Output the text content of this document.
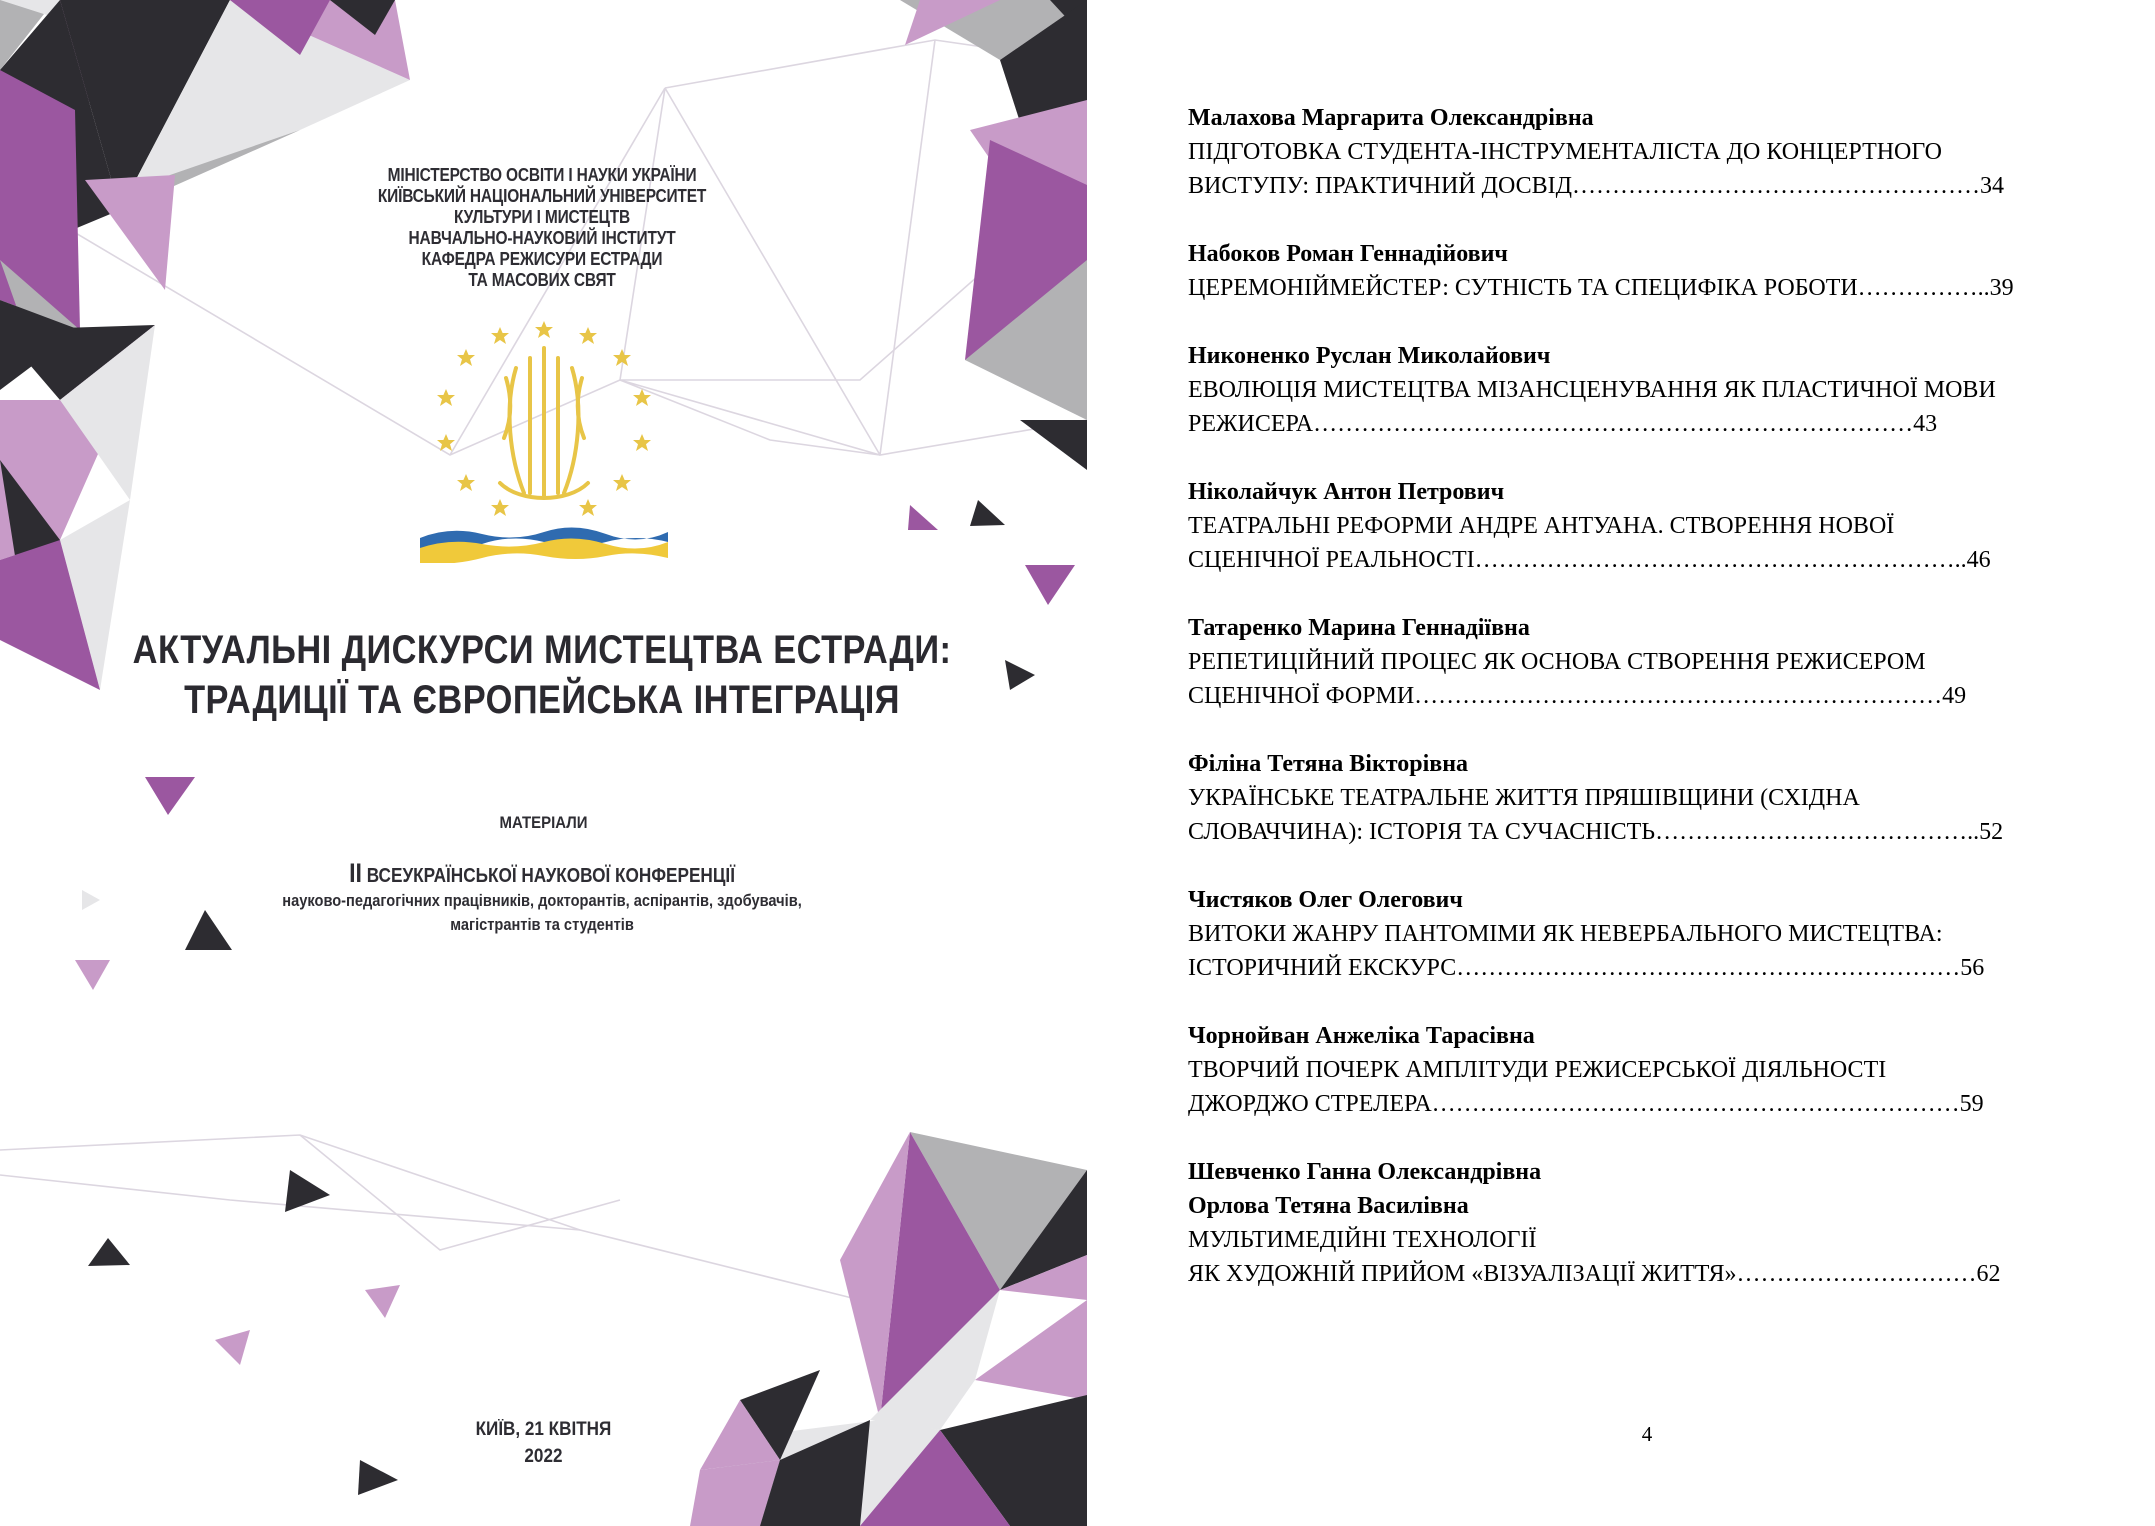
МІНІСТЕРСТВО ОСВІТИ І НАУКИ УКРАЇНИ
КИЇВСЬКИЙ НАЦІОНАЛЬНИЙ УНІВЕРСИТЕТ
КУЛЬТУРИ І МИСТЕЦТВ
НАВЧАЛЬНО-НАУКОВИЙ ІНСТИТУТ
КАФЕДРА РЕЖИСУРИ ЕСТРАДИ
ТА МАСОВИХ СВЯТ
АКТУАЛЬНІ ДИСКУРСИ МИСТЕЦТВА ЕСТРАДИ:
ТРАДИЦІЇ ТА ЄВРОПЕЙСЬКА ІНТЕГРАЦІЯ
МАТЕРІАЛИ
II ВСЕУКРАЇНСЬКОЇ НАУКОВОЇ КОНФЕРЕНЦІЇ
науково-педагогічних працівників, докторантів, аспірантів, здобувачів,
магістрантів та студентів
КИЇВ, 21 КВІТНЯ
2022
Малахова Маргарита Олександрівна
ПІДГОТОВКА СТУДЕНТА-ІНСТРУМЕНТАЛІСТА ДО КОНЦЕРТНОГО
ВИСТУПУ: ПРАКТИЧНИЙ ДОСВІД……………………………………………34
Набоков Роман Геннадійович
ЦЕРЕМОНІЙМЕЙСТЕР: СУТНІСТЬ ТА СПЕЦИФІКА РОБОТИ……………..39
Никоненко Руслан Миколайович
ЕВОЛЮЦІЯ МИСТЕЦТВА МІЗАНСЦЕНУВАННЯ ЯК ПЛАСТИЧНОЇ МОВИ
РЕЖИСЕРА…………………………………………………………………43
Ніколайчук Антон Петрович
ТЕАТРАЛЬНІ РЕФОРМИ АНДРЕ АНТУАНА. СТВОРЕННЯ НОВОЇ
СЦЕНІЧНОЇ РЕАЛЬНОСТІ……………………………………………………..46
Татаренко Марина Геннадіївна
РЕПЕТИЦІЙНИЙ ПРОЦЕС ЯК ОСНОВА СТВОРЕННЯ РЕЖИСЕРОМ
СЦЕНІЧНОЇ ФОРМИ…………………………………………………………49
Філіна Тетяна Вікторівна
УКРАЇНСЬКЕ ТЕАТРАЛЬНЕ ЖИТТЯ ПРЯШІВЩИНИ (СХІДНА
СЛОВАЧЧИНА): ІСТОРІЯ ТА СУЧАСНІСТЬ…………………………………..52
Чистяков Олег Олегович
ВИТОКИ ЖАНРУ ПАНТОМІМИ ЯК НЕВЕРБАЛЬНОГО МИСТЕЦТВА:
ІСТОРИЧНИЙ ЕКСКУРС………………………………………………………56
Чорнойван Анжеліка Тарасівна
ТВОРЧИЙ ПОЧЕРК АМПЛІТУДИ РЕЖИСЕРСЬКОЇ ДІЯЛЬНОСТІ
ДЖОРДЖО СТРЕЛЕРА…………………………………………………………59
Шевченко Ганна Олександрівна
Орлова Тетяна Василівна
МУЛЬТИМЕДІЙНІ ТЕХНОЛОГІЇ
ЯК ХУДОЖНІЙ ПРИЙОМ «ВІЗУАЛІЗАЦІЇ ЖИТТЯ»…………………………62
4
